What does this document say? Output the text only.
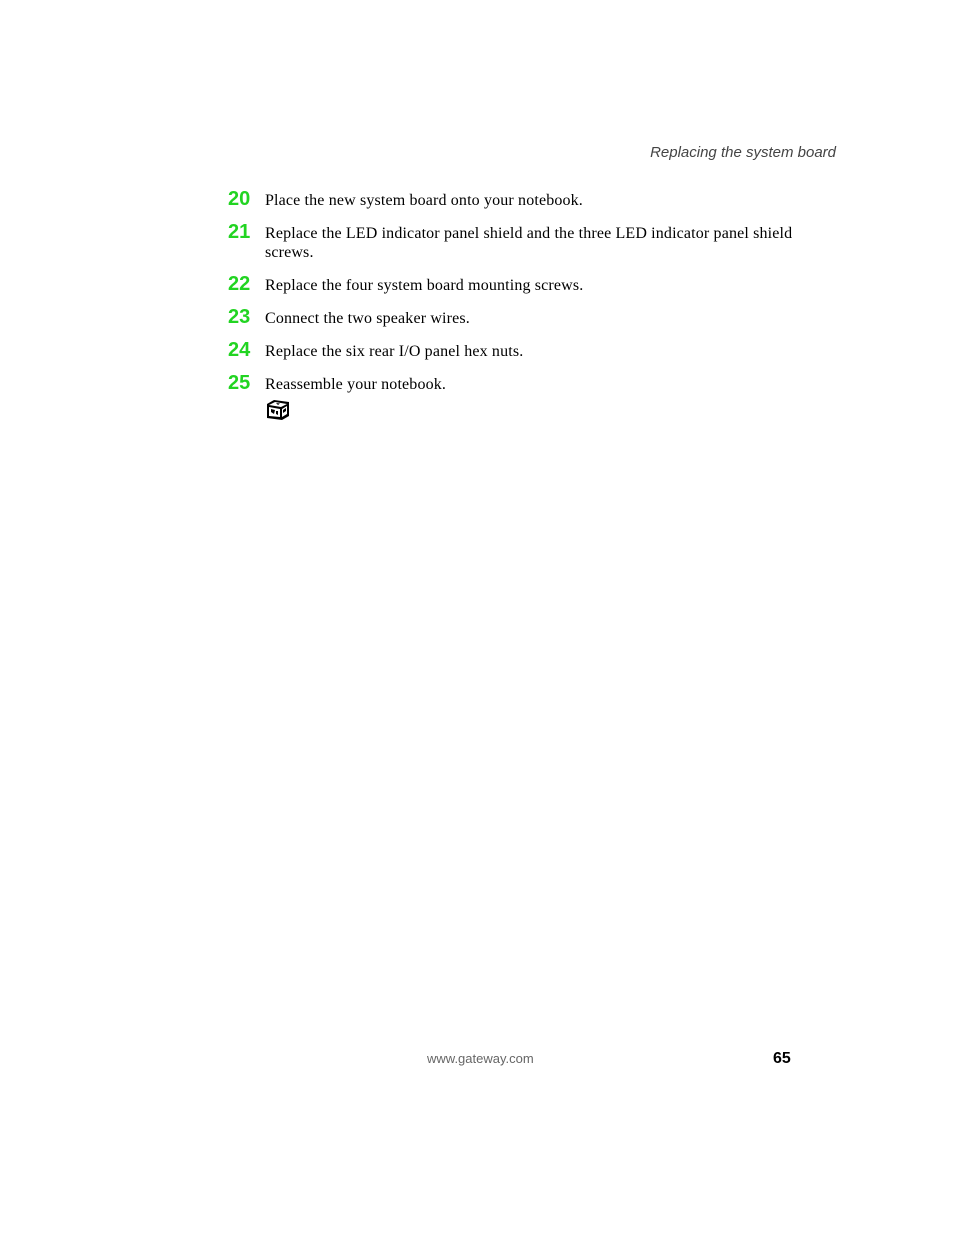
Replacing the system board
20 Place the new system board onto your notebook.
21 Replace the LED indicator panel shield and the three LED indicator panel shield screws.
22 Replace the four system board mounting screws.
23 Connect the two speaker wires.
24 Replace the six rear I/O panel hex nuts.
25 Reassemble your notebook.
www.gateway.com	65
